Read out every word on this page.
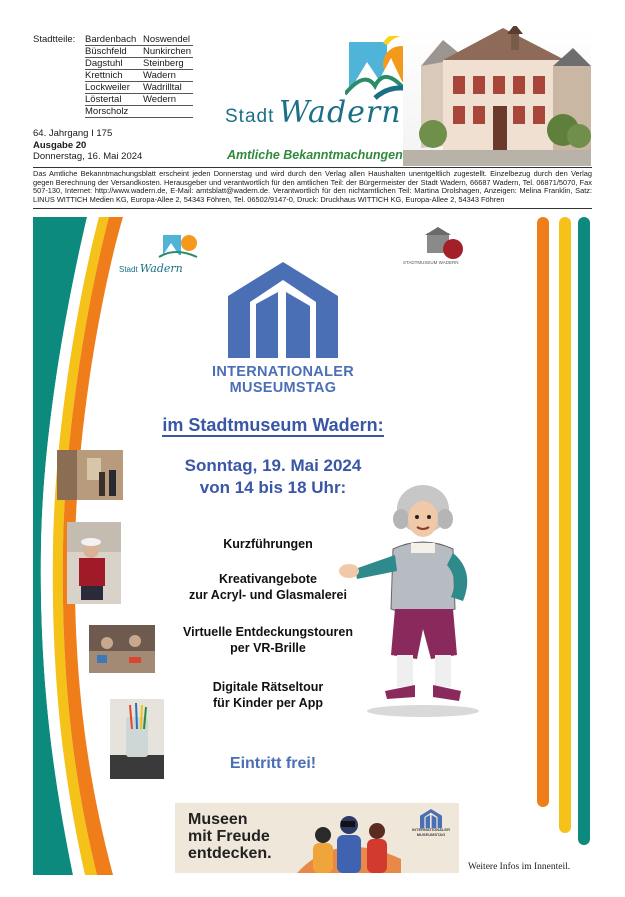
Stadtteile: Bardenbach Noswendel
Büschfeld	Nunkirchen
Dagstuhl	Steinberg
Krettnich	Wadern
Lockweiler	Wadrilltal
Löstertal	Wedern
Morscholz
64. Jahrgang I 175
Ausgabe 20
Donnerstag, 16. Mai 2024
Stadt Wadern
Amtliche Bekanntmachungen
Das Amtliche Bekanntmachungsblatt erscheint jeden Donnerstag und wird durch den Verlag allen Haushalten unentgeltlich zugestellt. Einzelbezug durch den Verlag gegen Berechnung der Versandkosten. Herausgeber und verantwortlich für den amtlichen Teil: der Bürgermeister der Stadt Wadern, 66687 Wadern, Tel. 06871/5070, Fax 507-130, Internet: http://www.wadern.de, E-Mail: amtsblatt@wadern.de. Verantwortlich für den nichtamtlichen Teil: Martina Drolshagen, Anzeigen: Melina Franklin, Satz: LINUS WITTICH Medien KG, Europa-Allee 2, 54343 Föhren, Tel. 06502/9147-0, Druck: Druckhaus WITTICH KG, Europa-Allee 2, 54343 Föhren
Stadt Wadern	STADTMUSEUM WADERN
INTERNATIONALER
MUSEUMSTAG
im Stadtmuseum Wadern:
Sonntag, 19. Mai 2024
von 14 bis 18 Uhr:
Kurzführungen
Kreativangebote
zur Acryl- und Glasmalerei
Virtuelle Entdeckungstouren
per VR-Brille
Digitale Rätseltour
für Kinder per App
Eintritt frei!
Museen
mit Freude
entdecken.
INTERNATIONALER
MUSEUMSTAG
Weitere Infos im Innenteil.
